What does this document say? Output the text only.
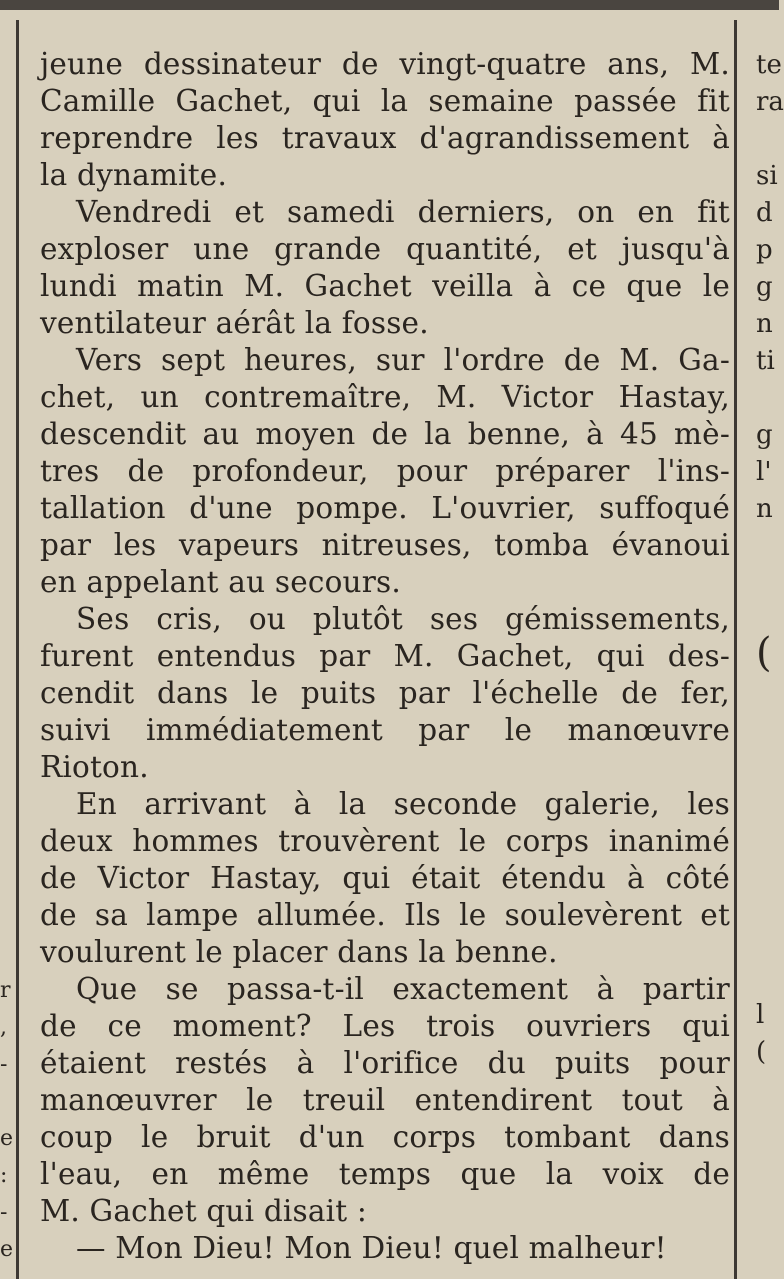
jeune dessinateur de vingt-quatre ans, M.
Camille Gachet, qui la semaine passée fit
reprendre les travaux d'agrandissement à
la dynamite.
Vendredi et samedi derniers, on en fit
exploser une grande quantité, et jusqu'à
lundi matin M. Gachet veilla à ce que le
ventilateur aérât la fosse.
Vers sept heures, sur l'ordre de M. Ga-
chet, un contremaître, M. Victor Hastay,
descendit au moyen de la benne, à 45 mè-
tres de profondeur, pour préparer l'ins-
tallation d'une pompe. L'ouvrier, suffoqué
par les vapeurs nitreuses, tomba évanoui
en appelant au secours.
Ses cris, ou plutôt ses gémissements,
furent entendus par M. Gachet, qui des-
cendit dans le puits par l'échelle de fer,
suivi immédiatement par le manœuvre
Rioton.
En arrivant à la seconde galerie, les
deux hommes trouvèrent le corps inanimé
de Victor Hastay, qui était étendu à côté
de sa lampe allumée. Ils le soulevèrent et
voulurent le placer dans la benne.
Que se passa-t-il exactement à partir
de ce moment? Les trois ouvriers qui
étaient restés à l'orifice du puits pour
manœuvrer le treuil entendirent tout à
coup le bruit d'un corps tombant dans
l'eau, en même temps que la voix de
M. Gachet qui disait :
— Mon Dieu! Mon Dieu! quel malheur!
te
ra
si
d
p
g
n
ti
g
l'
n
(
l
(
r
,
-
e
:
-
e
